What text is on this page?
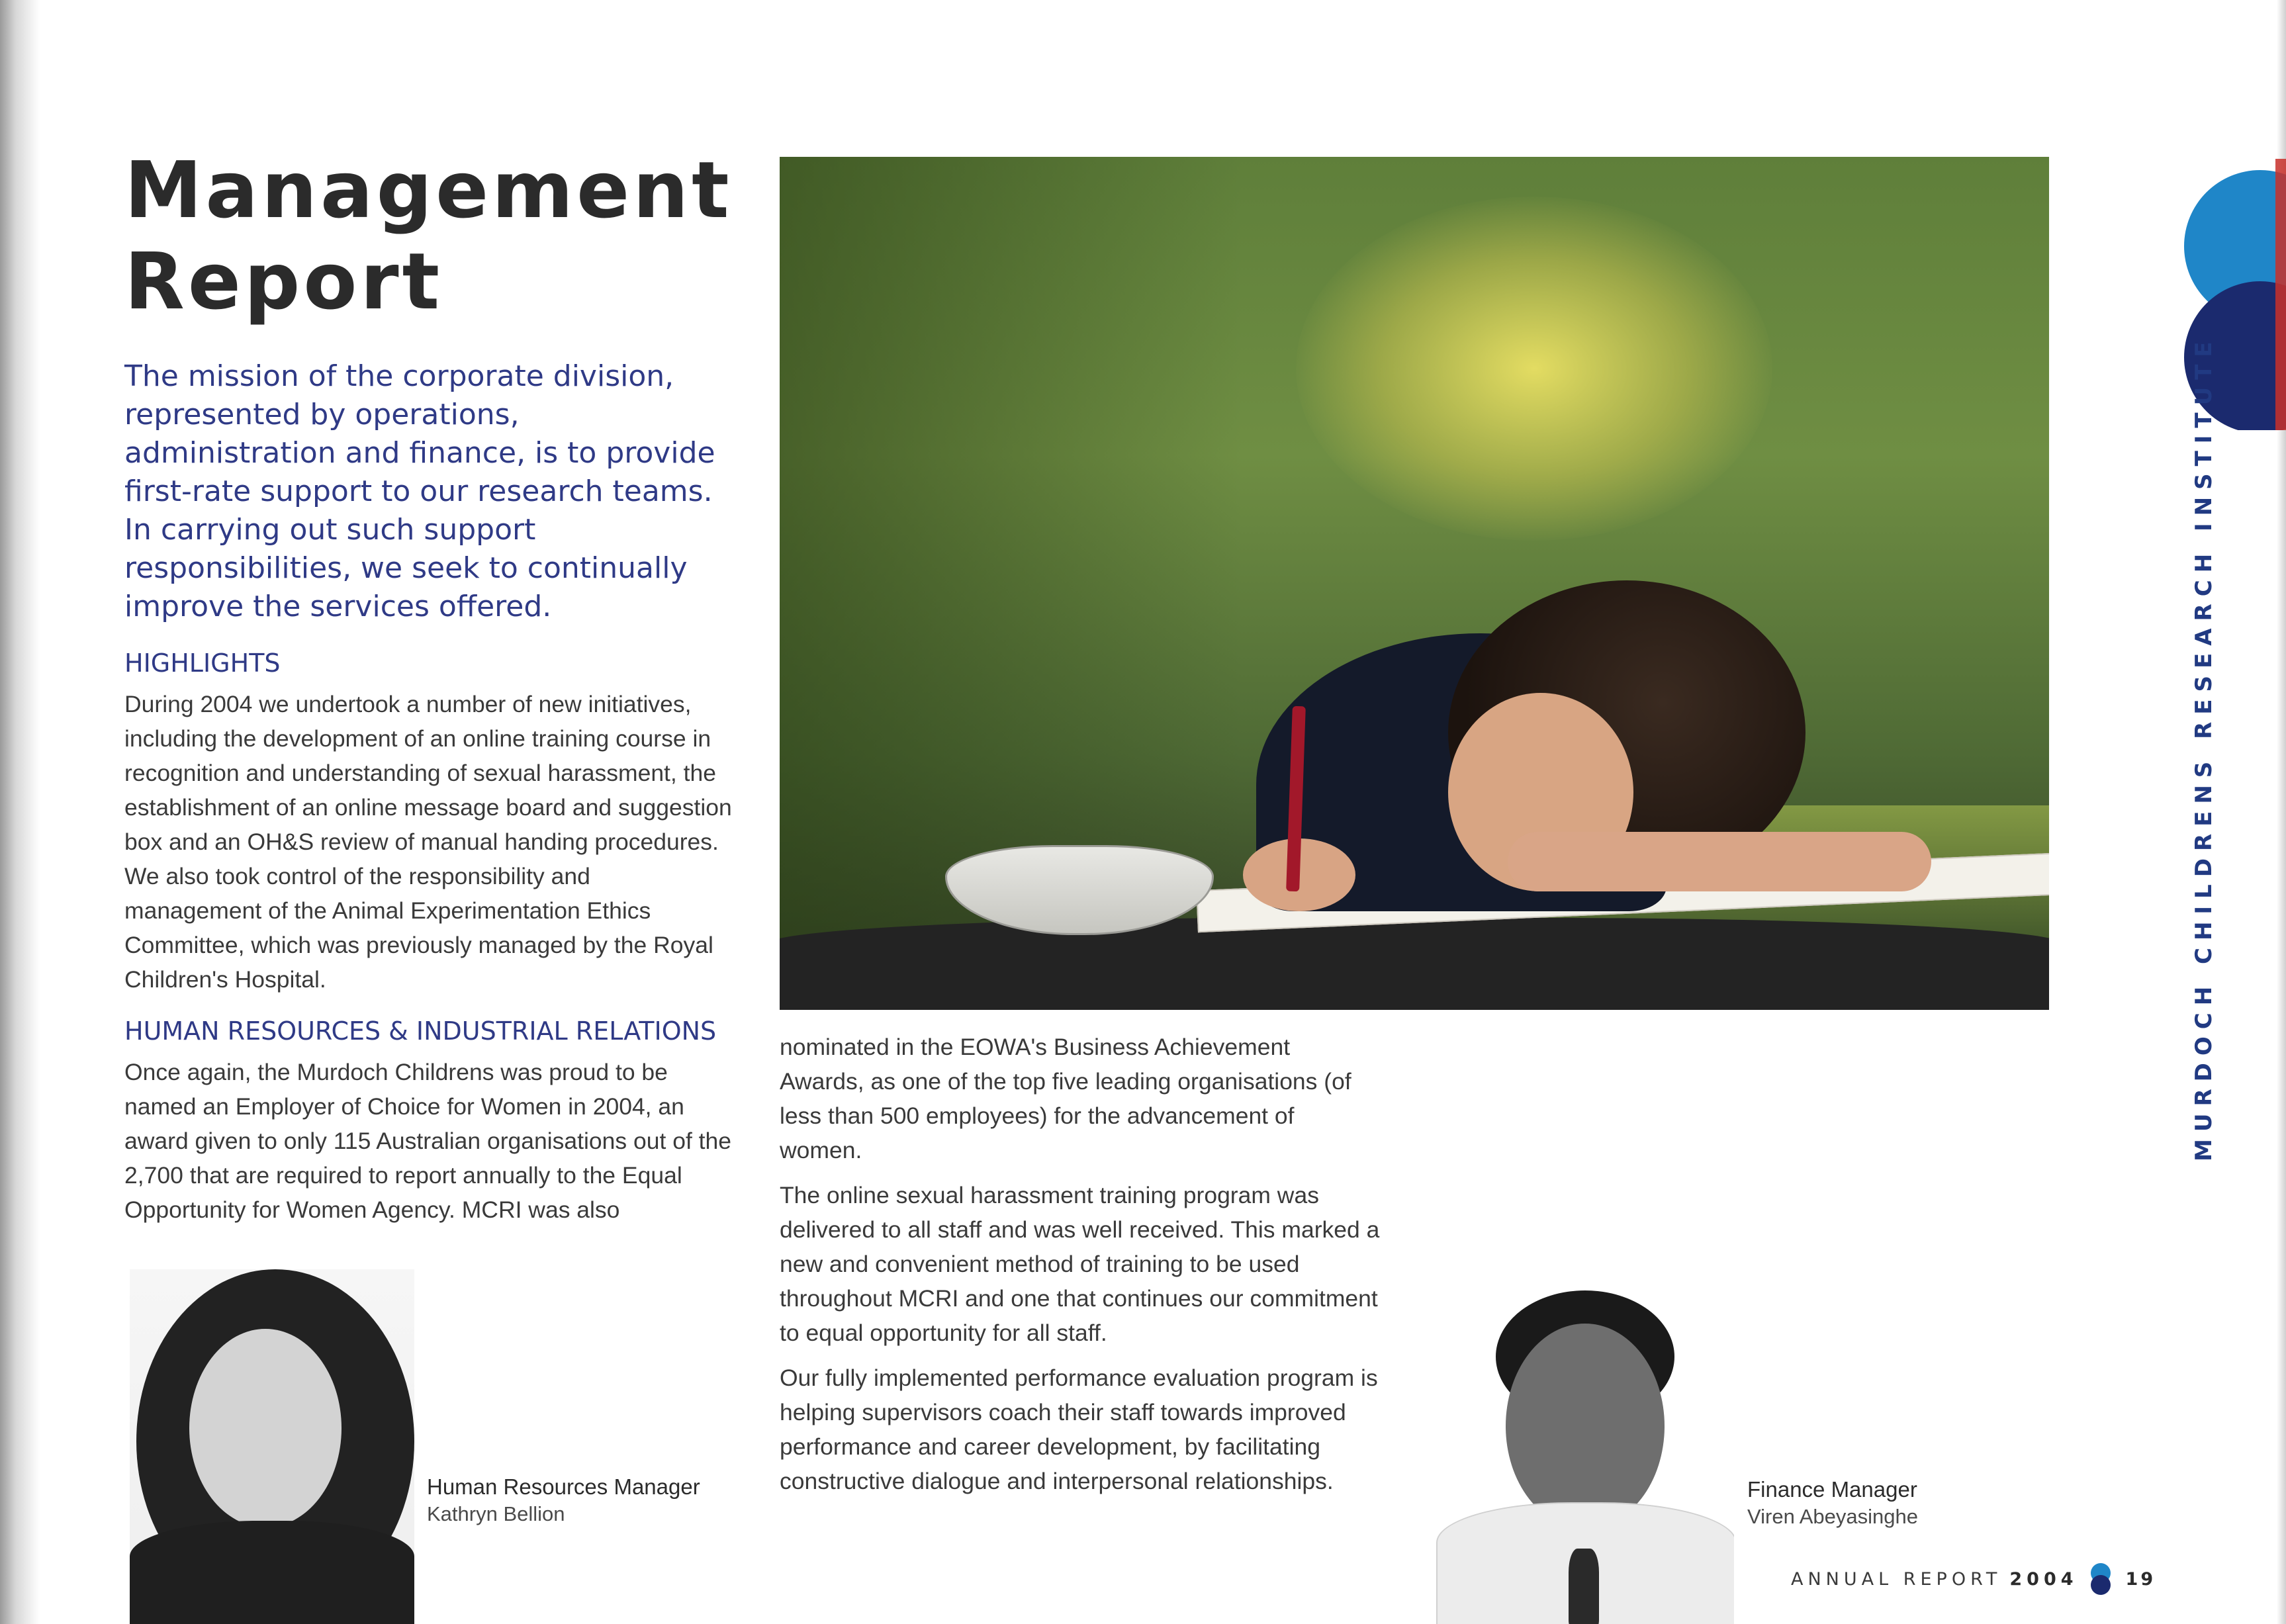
Management
Report

The mission of the corporate division, represented by operations, administration and finance, is to provide first-rate support to our research teams. In carrying out such support responsibilities, we seek to continually improve the services offered.

HIGHLIGHTS

During 2004 we undertook a number of new initiatives, including the development of an online training course in recognition and understanding of sexual harassment, the establishment of an online message board and suggestion box and an OH&S review of manual handing procedures. We also took control of the responsibility and management of the Animal Experimentation Ethics Committee, which was previously managed by the Royal Children's Hospital.

HUMAN RESOURCES & INDUSTRIAL RELATIONS

Once again, the Murdoch Childrens was proud to be named an Employer of Choice for Women in 2004, an award given to only 115 Australian organisations out of the 2,700 that are required to report annually to the Equal Opportunity for Women Agency. MCRI was also

nominated in the EOWA's Business Achievement Awards, as one of the top five leading organisations (of less than 500 employees) for the advancement of women.

The online sexual harassment training program was delivered to all staff and was well received. This marked a new and convenient method of training to be used throughout MCRI and one that continues our commitment to equal opportunity for all staff.

Our fully implemented performance evaluation program is helping supervisors coach their staff towards improved performance and career development, by facilitating constructive dialogue and interpersonal relationships.

Human Resources Manager

Kathryn Bellion

Finance Manager

Viren Abeyasinghe

MURDOCH CHILDRENS RESEARCH INSTITUTE
ANNUAL REPORT 2004	19
